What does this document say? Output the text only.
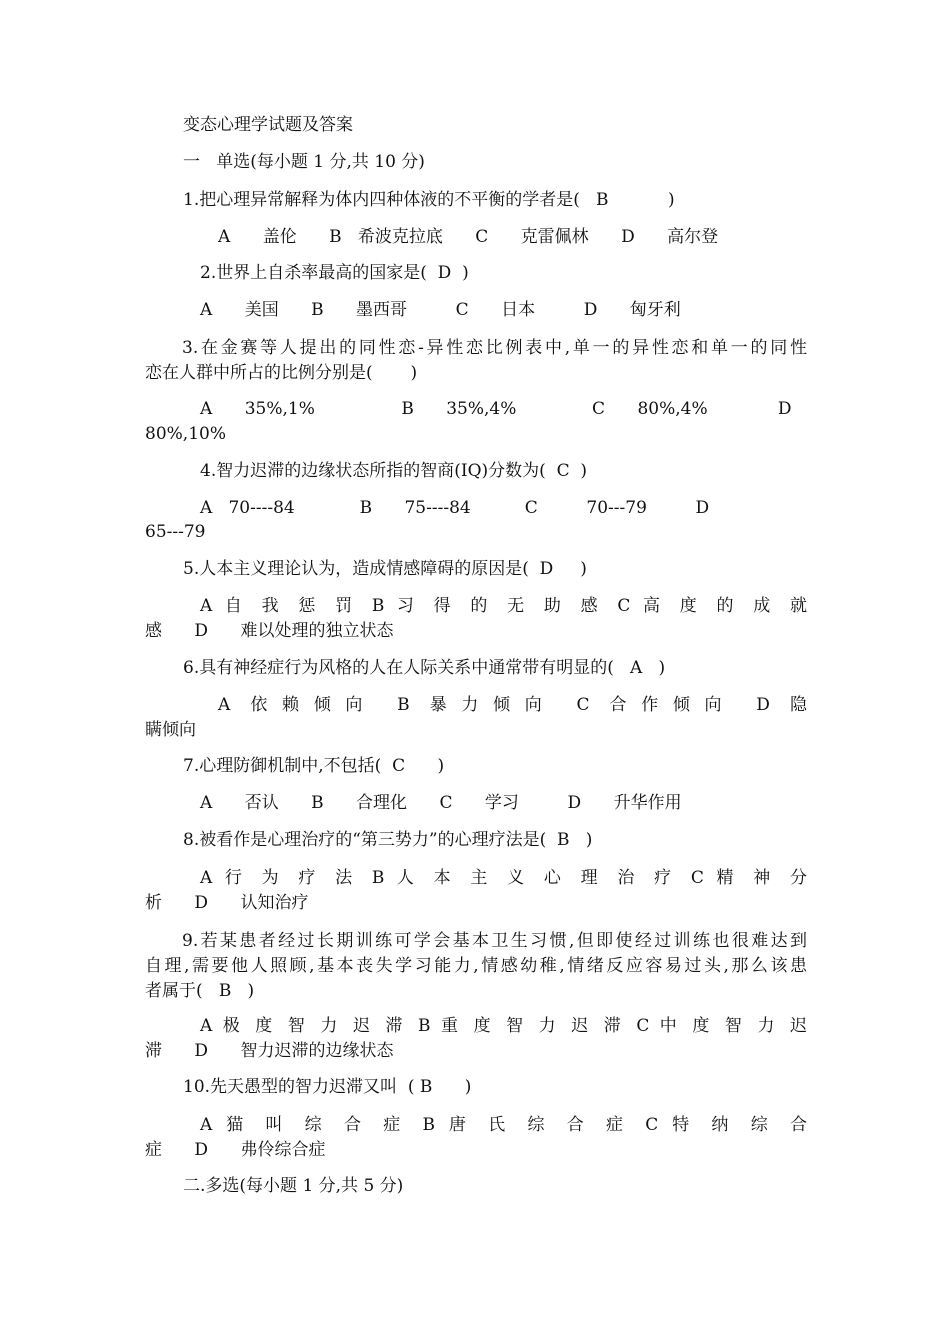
变态心理学试题及答案
一   单选(每小题 1 分,共 10 分)
1.把心理异常解释为体内四种体液的不平衡的学者是(   B           )
A      盖伦      B   希波克拉底      C      克雷佩林      D      高尔登
2.世界上自杀率最高的国家是(  D  )
A      美国      B      墨西哥         C      日本         D      匈牙利
3.在金赛等人提出的同性恋-异性恋比例表中,单一的异性恋和单一的同性
恋在人群中所占的比例分别是(       )
A      35%,1%                B      35%,4%              C      80%,4%             D
80%,10%
4.智力迟滞的边缘状态所指的智商(IQ)分数为(  C  )
A   70----84            B      75----84          C         70---79         D
65---79
5.人本主义理论认为，造成情感障碍的原因是(  D     )
A 自 我 惩 罚 B 习 得 的 无 助 感 C 高 度 的 成 就
感      D      难以处理的独立状态
6.具有神经症行为风格的人在人际关系中通常带有明显的(   A   )
A 依赖倾向 B 暴力倾向 C 合作倾向 D 隐
瞒倾向
7.心理防御机制中,不包括(  C      )
A      否认      B      合理化      C      学习         D      升华作用
8.被看作是心理治疗的“第三势力”的心理疗法是(  B   )
A 行 为 疗 法 B 人 本 主 义 心 理 治 疗 C 精 神 分
析      D      认知治疗
9.若某患者经过长期训练可学会基本卫生习惯,但即使经过训练也很难达到
自理,需要他人照顾,基本丧失学习能力,情感幼稚,情绪反应容易过头,那么该患
者属于(   B   )
A 极 度 智 力 迟 滞 B 重 度 智 力 迟 滞 C 中 度 智 力 迟
滞      D      智力迟滞的边缘状态
10.先天愚型的智力迟滞又叫  ( B      )
A 猫 叫 综 合 症 B 唐 氏 综 合 症 C 特 纳 综 合
症      D      弗伶综合症
二.多选(每小题 1 分,共 5 分)
